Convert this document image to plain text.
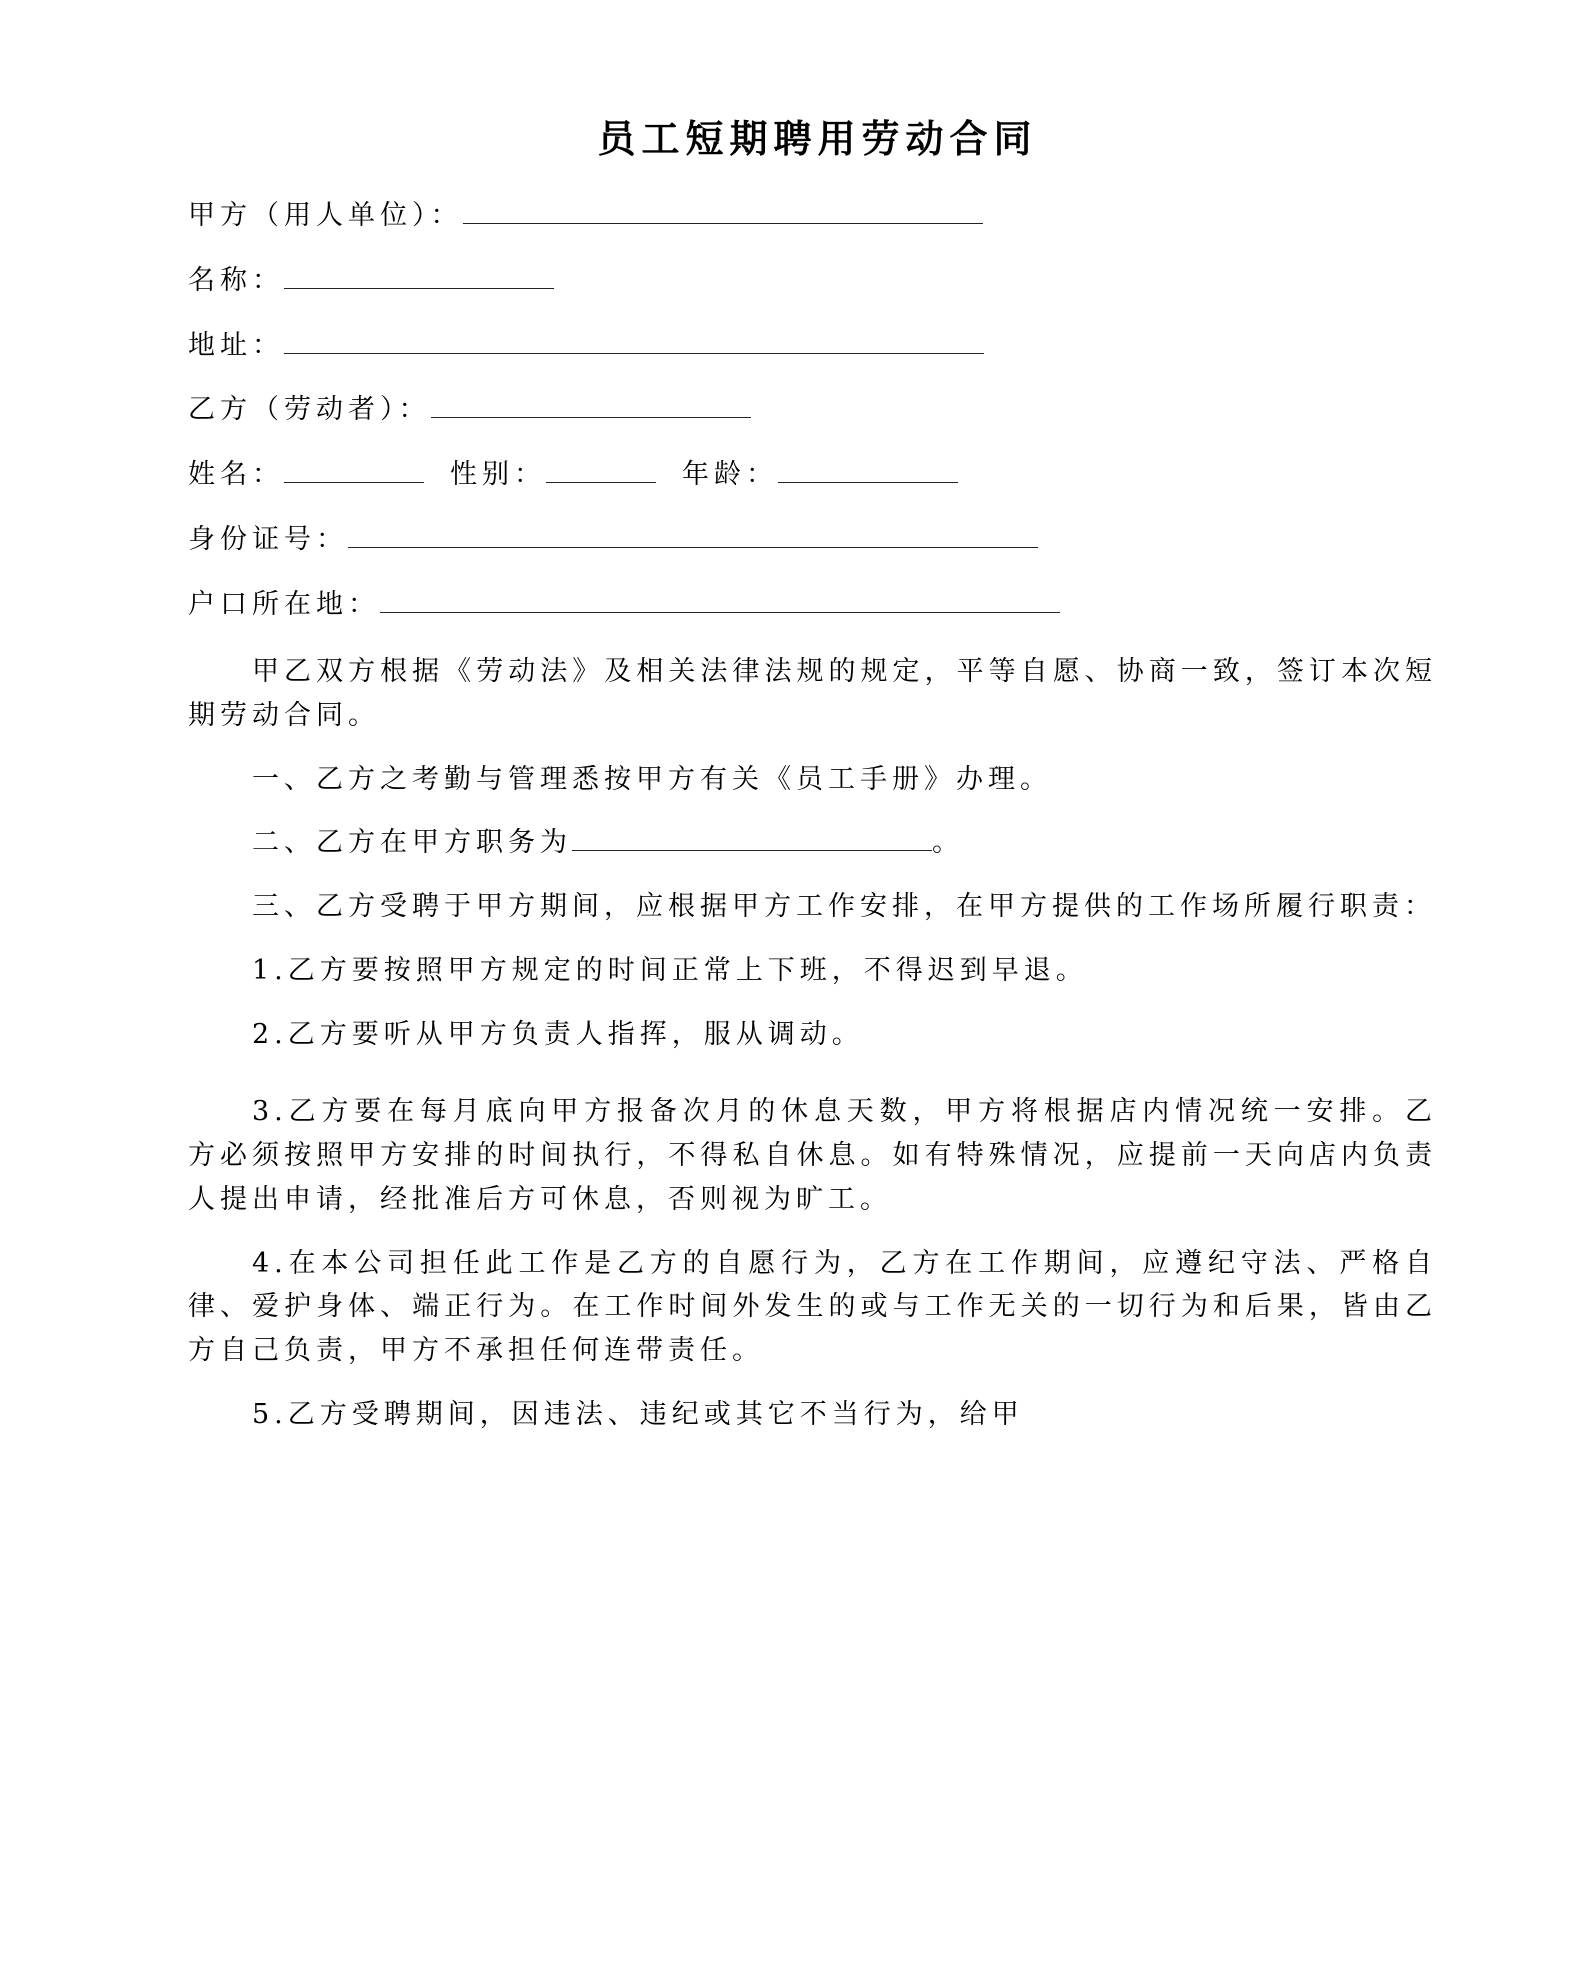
员工短期聘用劳动合同

甲方（用人单位）：

名称：

地址：

乙方（劳动者）：

姓名：	性别：	年龄：

身份证号：

户口所在地：

甲乙双方根据《劳动法》及相关法律法规的规定，平等自愿、协商一致，签订本次短期劳动合同。

一、乙方之考勤与管理悉按甲方有关《员工手册》办理。

二、乙方在甲方职务为	。

三、乙方受聘于甲方期间，应根据甲方工作安排，在甲方提供的工作场所履行职责：

1.乙方要按照甲方规定的时间正常上下班，不得迟到早退。

2.乙方要听从甲方负责人指挥，服从调动。

3.乙方要在每月底向甲方报备次月的休息天数，甲方将根据店内情况统一安排。乙方必须按照甲方安排的时间执行，不得私自休息。如有特殊情况，应提前一天向店内负责人提出申请，经批准后方可休息，否则视为旷工。

4.在本公司担任此工作是乙方的自愿行为，乙方在工作期间，应遵纪守法、严格自律、爱护身体、端正行为。在工作时间外发生的或与工作无关的一切行为和后果，皆由乙方自己负责，甲方不承担任何连带责任。

5.乙方受聘期间，因违法、违纪或其它不当行为，给甲
